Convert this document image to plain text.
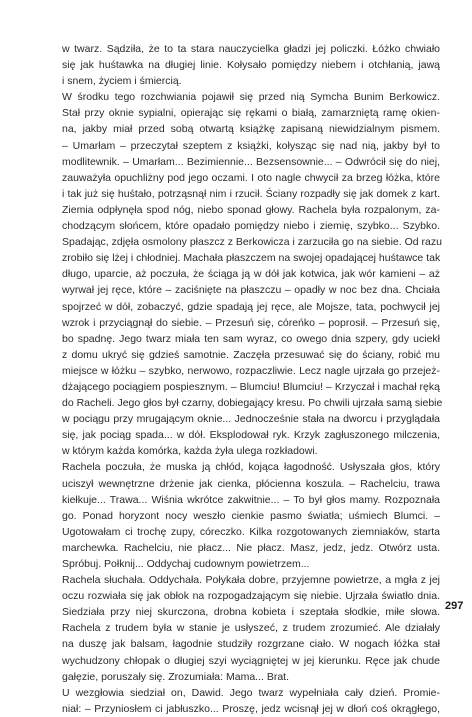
w twarz. Sądziła, że to ta stara nauczycielka gładzi jej policzki. Łóżko chwiało
się jak huśtawka na długiej linie. Kołysało pomiędzy niebem i otchłanią, jawą
i snem, życiem i śmiercią.
W środku tego rozchwiania pojawił się przed nią Symcha Bunim Berkowicz.
Stał przy oknie sypialni, opierając się rękami o białą, zamarzniętą ramę okien-
na, jakby miał przed sobą otwartą książkę zapisaną niewidzialnym pismem.
– Umarłam – przeczytał szeptem z książki, kołysząc się nad nią, jakby był to
modlitewnik. – Umarłam... Bezimiennie... Bezsensownie... – Odwrócił się do niej,
zauważyła opuchliżny pod jego oczami. I oto nagle chwycił za brzeg łóżka, które
i tak już się huśtało, potrząsnął nim i rzucił. Ściany rozpadły się jak domek z kart.
Ziemia odpłynęła spod nóg, niebo sponad głowy. Rachela była rozpalonym, za-
chodzącym słońcem, które opadało pomiędzy niebo i ziemię, szybko... Szybko.
Spadając, zdjęła osmolony płaszcz z Berkowicza i zarzuciła go na siebie. Od razu
zrobiło się lżej i chłodniej. Machała płaszczem na swojej opadającej huśtawce tak
długo, uparcie, aż poczuła, że ściąga ją w dół jak kotwica, jak wór kamieni – aż
wyrwał jej ręce, które – zaciśnięte na płaszczu – opadły w noc bez dna. Chciała
spojrzeć w dół, zobaczyć, gdzie spadają jej ręce, ale Mojsze, tata, pochwycił jej
wzrok i przyciągnął do siebie. – Przesuń się, córeńko – poprosił. – Przesuń się,
bo spadnę. Jego twarz miała ten sam wyraz, co owego dnia szpery, gdy uciekł
z domu ukryć się gdzieś samotnie. Zaczęła przesuwać się do ściany, robić mu
miejsce w łóżku – szybko, nerwowo, rozpaczliwie. Lecz nagle ujrzała go przejeż-
dżającego pociągiem pospiesznym. – Blumciu! Blumciu! – Krzyczał i machał ręką
do Racheli. Jego głos był czarny, dobiegający kresu. Po chwili ujrzała samą siebie
w pociągu przy mrugającym oknie... Jednocześnie stała na dworcu i przyglądała
się, jak pociąg spada... w dół. Eksplodował ryk. Krzyk zagłuszonego milczenia,
w którym każda komórka, każda żyła ulega rozkładowi.
Rachela poczuła, że muska ją chłód, kojąca łagodność. Usłyszała głos, który
uciszył wewnętrzne drżenie jak cienka, płócienna koszula. – Rachelciu, trawa
kiełkuje... Trawa... Wiśnia wkrótce zakwitnie... – To był głos mamy. Rozpoznała
go. Ponad horyzont nocy weszło cienkie pasmo światła; uśmiech Blumci. –
Ugotowałam ci trochę zupy, córeczko. Kilka rozgotowanych ziemniaków, starta
marchewka. Rachelciu, nie płacz... Nie płacz. Masz, jedz, jedz. Otwórz usta.
Spróbuj. Połknij... Oddychaj cudownym powietrzem...
Rachela słuchała. Oddychała. Połykała dobre, przyjemne powietrze, a mgła z jej
oczu rozwiała się jak obłok na rozpogadzającym się niebie. Ujrzała światło dnia.
Siedziała przy niej skurczona, drobna kobieta i szeptała słodkie, miłe słowa.
Rachela z trudem była w stanie je usłyszeć, z trudem zrozumieć. Ale działały
na duszę jak balsam, łagodnie studziły rozgrzane ciało. W nogach łóżka stał
wychudzony chłopak o długiej szyi wyciągniętej w jej kierunku. Ręce jak chude
gałęzie, poruszały się. Zrozumiała: Mama... Brat.
U wezgłowia siedział on, Dawid. Jego twarz wypełniała cały dzień. Promie-
niał: – Przyniosłem ci jabłuszko... Proszę, jedz wcisnął jej w dłoń coś okrągłego,
297
